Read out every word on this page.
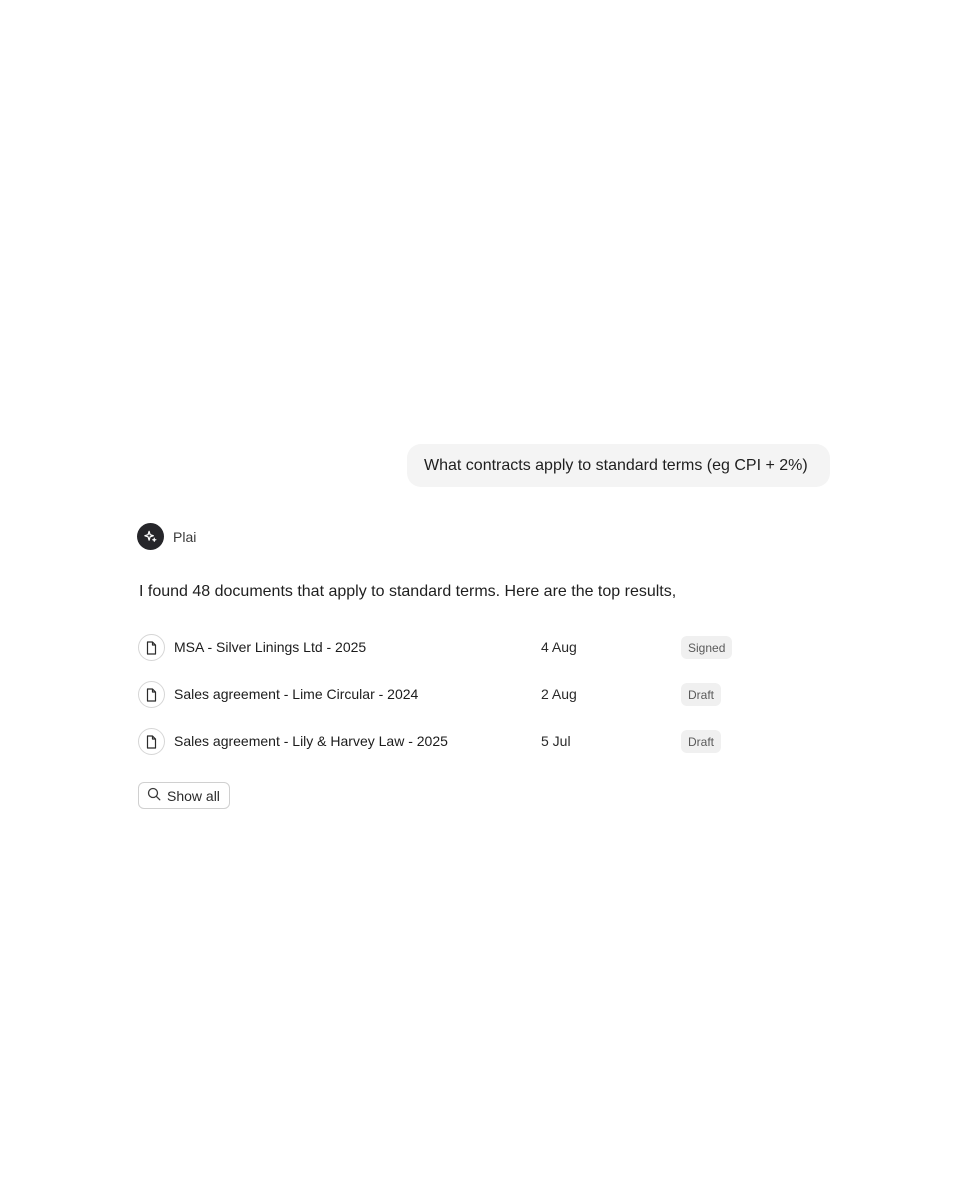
What contracts apply to standard terms (eg CPI + 2%)
Plai
I found 48 documents that apply to standard terms. Here are the top results,
MSA - Silver Linings Ltd - 2025	4 Aug	Signed
Sales agreement - Lime Circular - 2024	2 Aug	Draft
Sales agreement - Lily & Harvey Law - 2025	5 Jul	Draft
Show all
